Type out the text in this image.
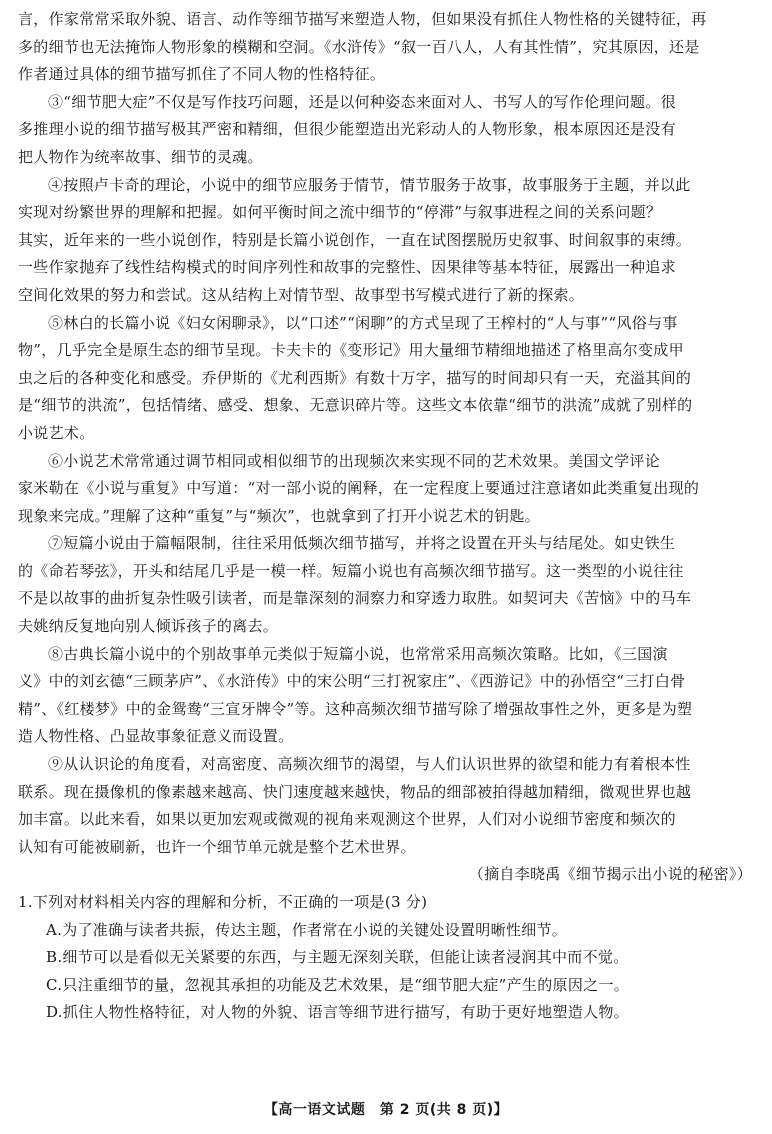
言，作家常常采取外貌、语言、动作等细节描写来塑造人物，但如果没有抓住人物性格的关键特征，再
多的细节也无法掩饰人物形象的模糊和空洞。《水浒传》“叙一百八人，人有其性情”，究其原因，还是
作者通过具体的细节描写抓住了不同人物的性格特征。
③“细节肥大症”不仅是写作技巧问题，还是以何种姿态来面对人、书写人的写作伦理问题。很
多推理小说的细节描写极其严密和精细，但很少能塑造出光彩动人的人物形象，根本原因还是没有
把人物作为统率故事、细节的灵魂。
④按照卢卡奇的理论，小说中的细节应服务于情节，情节服务于故事，故事服务于主题，并以此
实现对纷繁世界的理解和把握。如何平衡时间之流中细节的“停滞”与叙事进程之间的关系问题？
其实，近年来的一些小说创作，特别是长篇小说创作，一直在试图摆脱历史叙事、时间叙事的束缚。
一些作家抛弃了线性结构模式的时间序列性和故事的完整性、因果律等基本特征，展露出一种追求
空间化效果的努力和尝试。这从结构上对情节型、故事型书写模式进行了新的探索。
⑤林白的长篇小说《妇女闲聊录》，以“口述”“闲聊”的方式呈现了王榨村的“人与事”“风俗与事
物”，几乎完全是原生态的细节呈现。卡夫卡的《变形记》用大量细节精细地描述了格里高尔变成甲
虫之后的各种变化和感受。乔伊斯的《尤利西斯》有数十万字，描写的时间却只有一天，充溢其间的
是“细节的洪流”，包括情绪、感受、想象、无意识碎片等。这些文本依靠“细节的洪流”成就了别样的
小说艺术。
⑥小说艺术常常通过调节相同或相似细节的出现频次来实现不同的艺术效果。美国文学评论
家米勒在《小说与重复》中写道：“对一部小说的阐释，在一定程度上要通过注意诸如此类重复出现的
现象来完成。”理解了这种“重复”与“频次”，也就拿到了打开小说艺术的钥匙。
⑦短篇小说由于篇幅限制，往往采用低频次细节描写，并将之设置在开头与结尾处。如史铁生
的《命若琴弦》，开头和结尾几乎是一模一样。短篇小说也有高频次细节描写。这一类型的小说往往
不是以故事的曲折复杂性吸引读者，而是靠深刻的洞察力和穿透力取胜。如契诃夫《苦恼》中的马车
夫姚纳反复地向别人倾诉孩子的离去。
⑧古典长篇小说中的个别故事单元类似于短篇小说，也常常采用高频次策略。比如，《三国演
义》中的刘玄德“三顾茅庐”、《水浒传》中的宋公明“三打祝家庄”、《西游记》中的孙悟空“三打白骨
精”、《红楼梦》中的金鸳鸯“三宣牙牌令”等。这种高频次细节描写除了增强故事性之外，更多是为塑
造人物性格、凸显故事象征意义而设置。
⑨从认识论的角度看，对高密度、高频次细节的渴望，与人们认识世界的欲望和能力有着根本性
联系。现在摄像机的像素越来越高、快门速度越来越快，物品的细部被拍得越加精细，微观世界也越
加丰富。以此来看，如果以更加宏观或微观的视角来观测这个世界，人们对小说细节密度和频次的
认知有可能被刷新，也许一个细节单元就是整个艺术世界。
（摘自李晓禹《细节揭示出小说的秘密》）
1.下列对材料相关内容的理解和分析，不正确的一项是(3 分)
A.为了准确与读者共振，传达主题，作者常在小说的关键处设置明晰性细节。
B.细节可以是看似无关紧要的东西，与主题无深刻关联，但能让读者浸润其中而不觉。
C.只注重细节的量，忽视其承担的功能及艺术效果，是“细节肥大症”产生的原因之一。
D.抓住人物性格特征，对人物的外貌、语言等细节进行描写，有助于更好地塑造人物。
【高一语文试题　第 2 页(共 8 页)】
